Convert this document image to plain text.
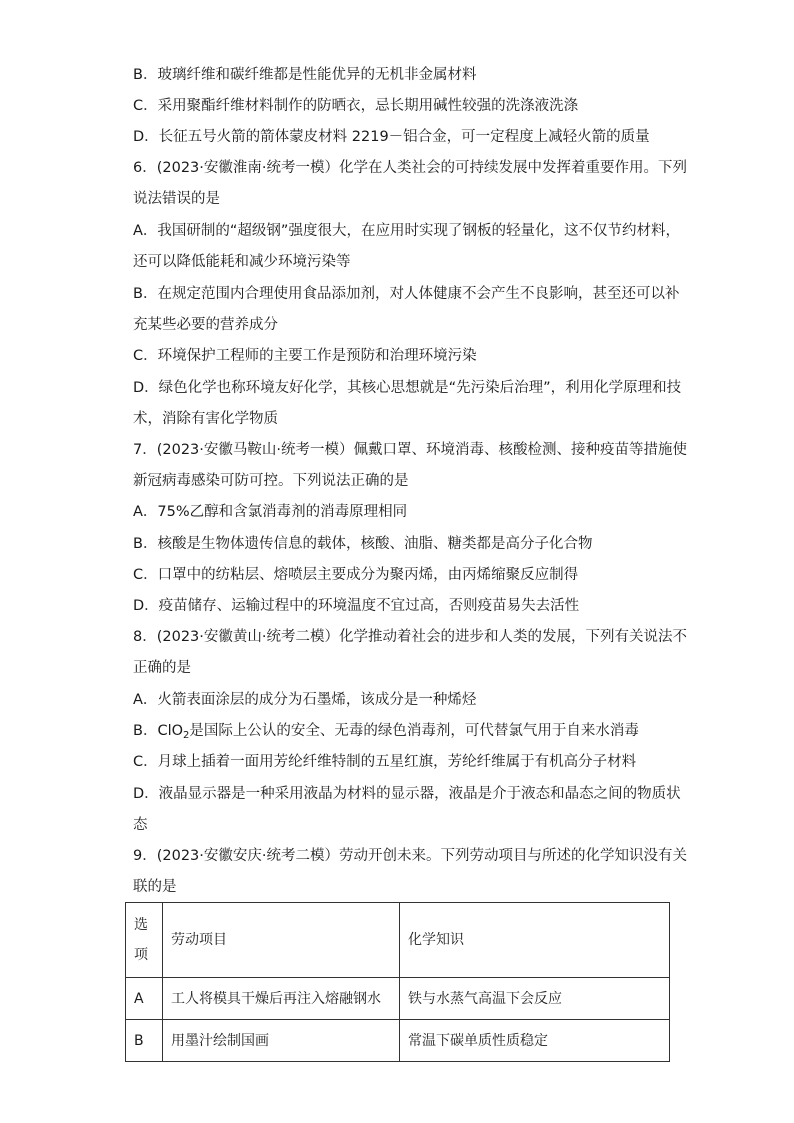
B．玻璃纤维和碳纤维都是性能优异的无机非金属材料
C．采用聚酯纤维材料制作的防晒衣，忌长期用碱性较强的洗涤液洗涤
D．长征五号火箭的箭体蒙皮材料 2219－铝合金，可一定程度上减轻火箭的质量
6．(2023·安徽淮南·统考一模）化学在人类社会的可持续发展中发挥着重要作用。下列
说法错误的是
A．我国研制的“超级钢”强度很大，在应用时实现了钢板的轻量化，这不仅节约材料，
还可以降低能耗和减少环境污染等
B．在规定范围内合理使用食品添加剂，对人体健康不会产生不良影响，甚至还可以补
充某些必要的营养成分
C．环境保护工程师的主要工作是预防和治理环境污染
D．绿色化学也称环境友好化学，其核心思想就是“先污染后治理”，利用化学原理和技
术，消除有害化学物质
7．(2023·安徽马鞍山·统考一模）佩戴口罩、环境消毒、核酸检测、接种疫苗等措施使
新冠病毒感染可防可控。下列说法正确的是
A．75%乙醇和含氯消毒剂的消毒原理相同
B．核酸是生物体遗传信息的载体，核酸、油脂、糖类都是高分子化合物
C．口罩中的纺粘层、熔喷层主要成分为聚丙烯，由丙烯缩聚反应制得
D．疫苗储存、运输过程中的环境温度不宜过高，否则疫苗易失去活性
8．(2023·安徽黄山·统考二模）化学推动着社会的进步和人类的发展，下列有关说法不
正确的是
A．火箭表面涂层的成分为石墨烯，该成分是一种烯烃
B．ClO$_2$是国际上公认的安全、无毒的绿色消毒剂，可代替氯气用于自来水消毒
C．月球上插着一面用芳纶纤维特制的五星红旗，芳纶纤维属于有机高分子材料
D．液晶显示器是一种采用液晶为材料的显示器，液晶是介于液态和晶态之间的物质状
态
9．(2023·安徽安庆·统考二模）劳动开创未来。下列劳动项目与所述的化学知识没有关
联的是
选项	劳动项目	化学知识
A	工人将模具干燥后再注入熔融钢水	铁与水蒸气高温下会反应
B	用墨汁绘制国画	常温下碳单质性质稳定
